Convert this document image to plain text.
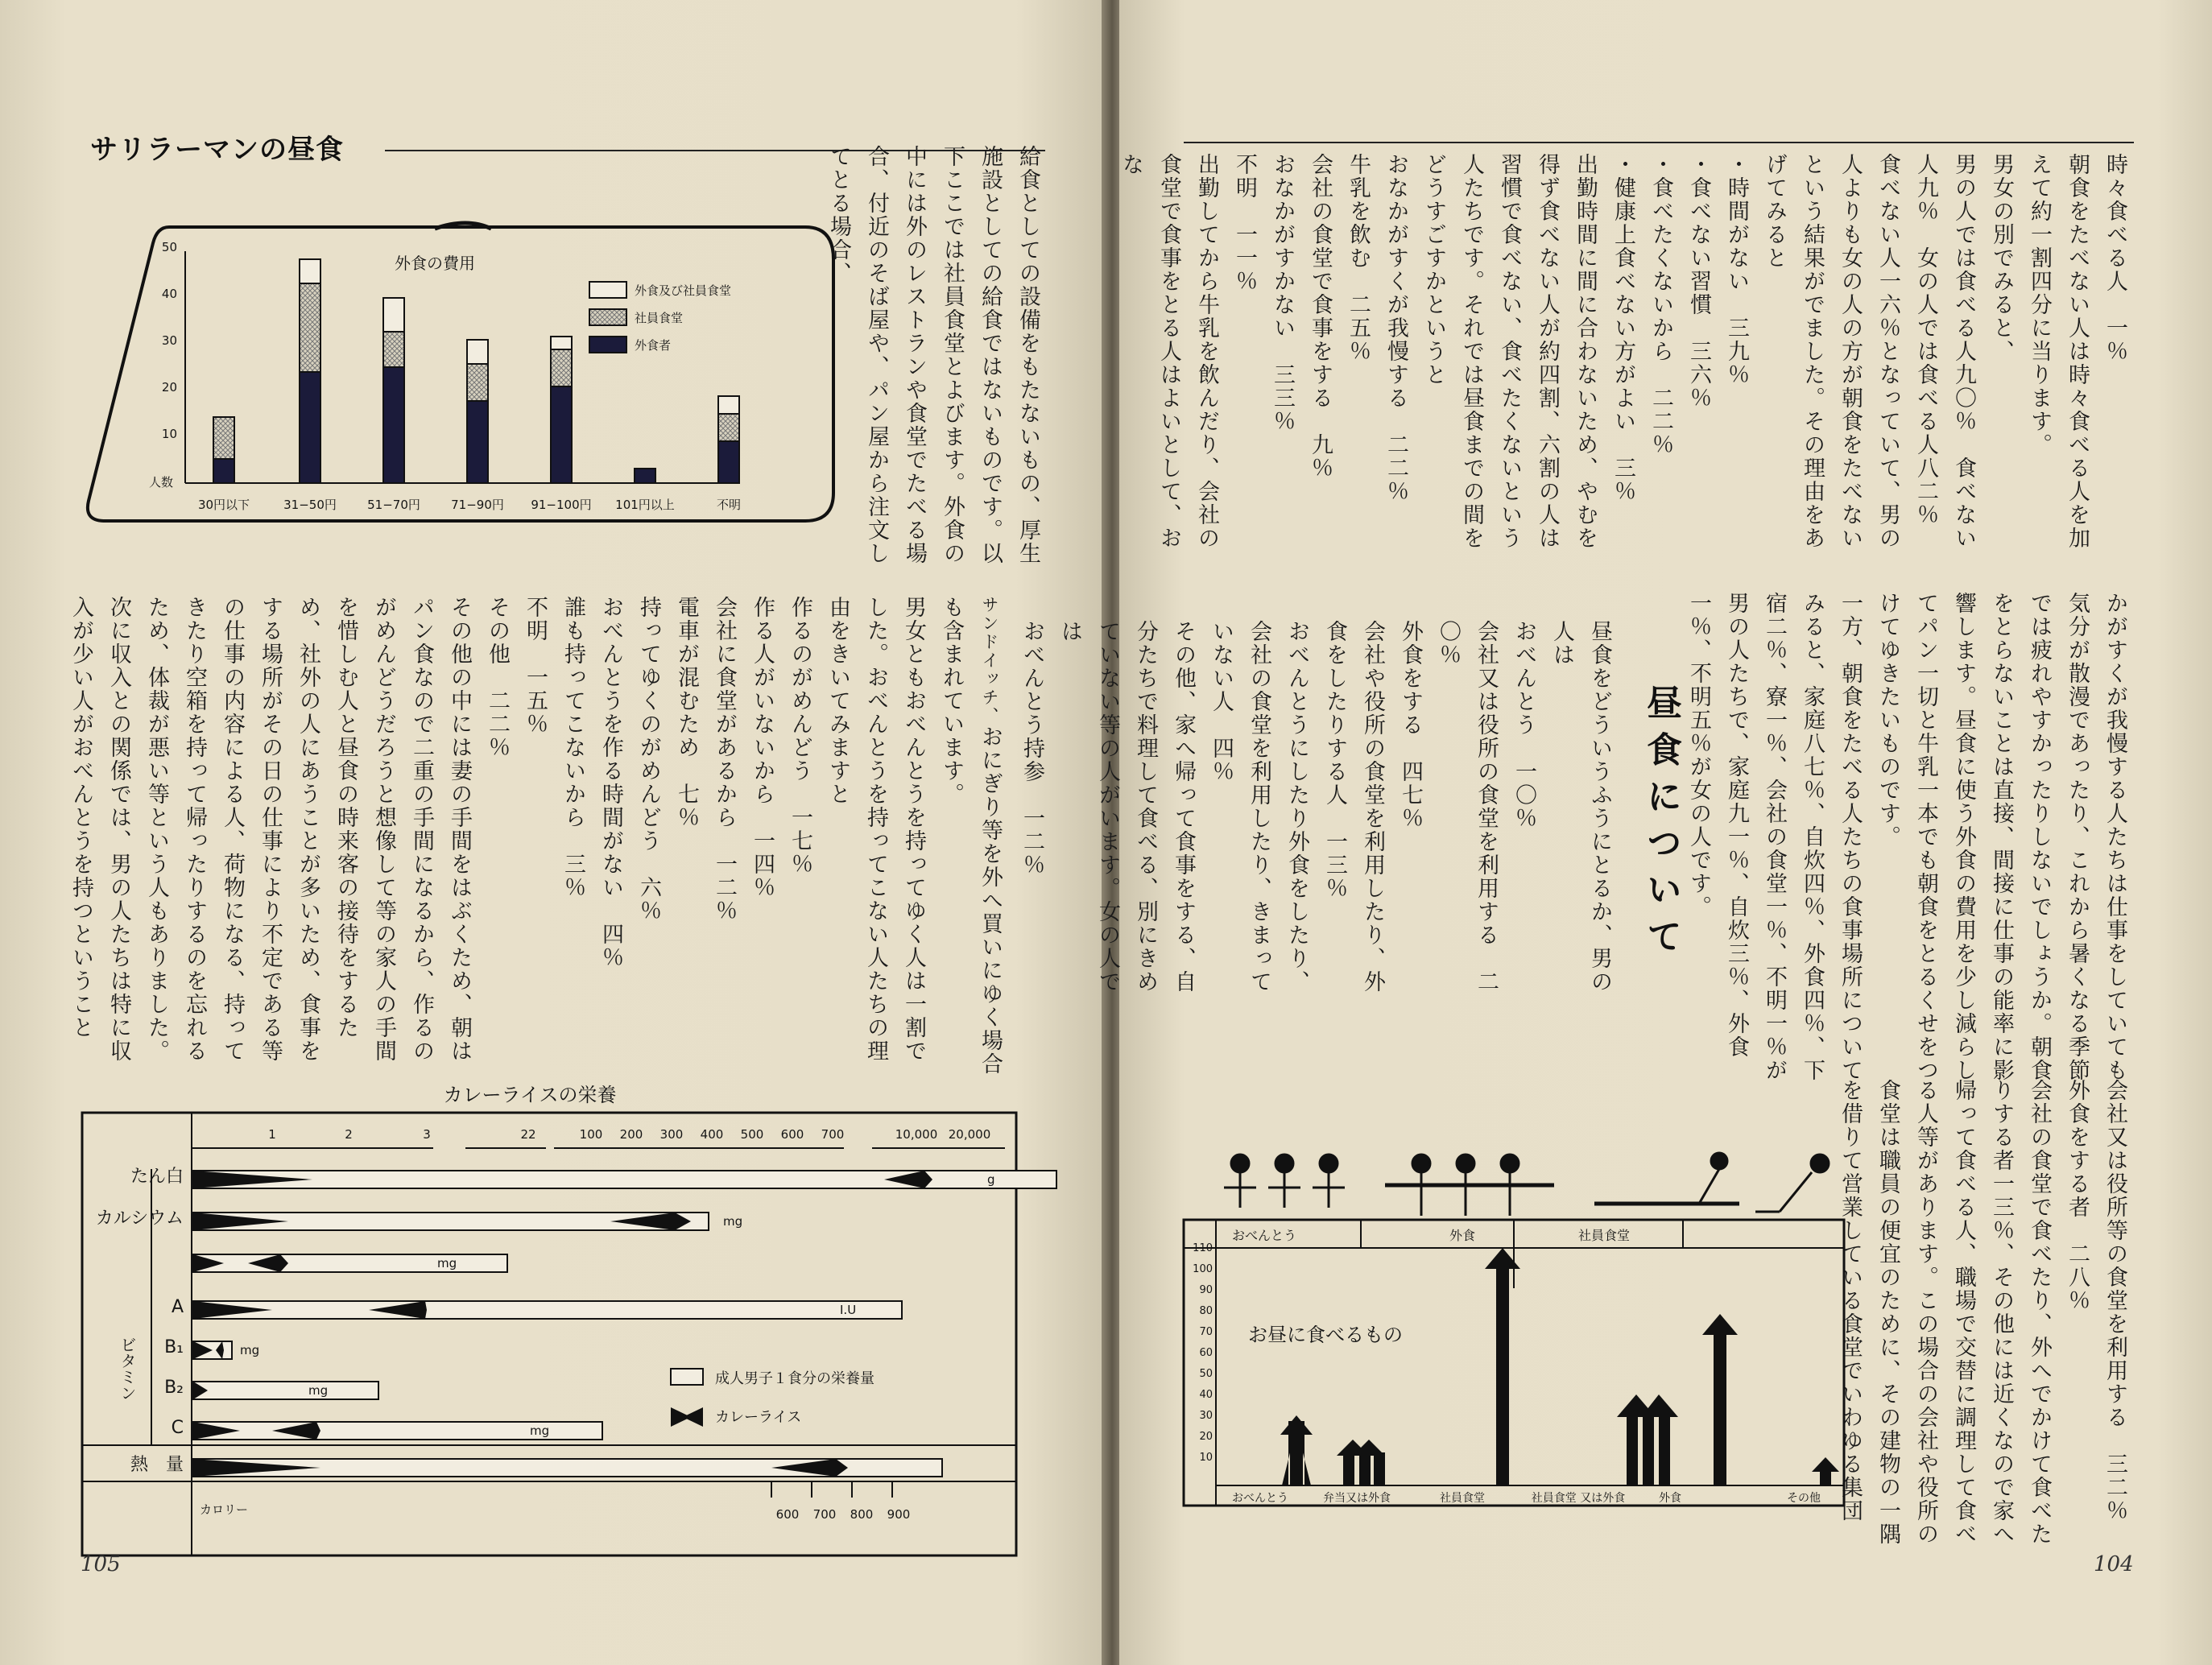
サリラーマンの昼食
外食の費用
50
40
30
20
10
人数
30円以下	31−50円	51−70円	71−90円 91−100円 101円以上	不明
外食及び社員食堂
社員食堂
外食者	給食としての設備をもたないもの、厚生施設としての給食ではないものです。以下ここでは社員食堂とよびます。外食の中には外のレストランや食堂でたべる場合、付近のそば屋や、パン屋から注文してとる場合、

サンドイッチ、おにぎり等を外へ買いにゆく場合も含まれています。
男女ともおべんとうを持ってゆく人は一割でした。おべんとうを持ってこない人たちの理由をきいてみますと
作るのがめんどう　一七％
作る人がいないから　一四％
会社に食堂があるから　一二％
電車が混むため　七％
持ってゆくのがめんどう　六％
おべんとうを作る時間がない　四％
誰も持ってこないから　三％
不明　一五％
その他　二二％
その他の中には妻の手間をはぶくため、朝はパン食なので二重の手間になるから、作るのがめんどうだろうと想像して等の家人の手間を惜しむ人と昼食の時来客の接待をするため、社外の人にあうことが多いため、食事をする場所がその日の仕事により不定である等の仕事の内容による人、荷物になる、持ってきたり空箱を持って帰ったりするのを忘れるため、体裁が悪い等という人もありました。
次に収入との関係では、男の人たちは特に収入が少い人がおべんとうを持つということ

カレーライスの栄養
1	2	3	22	100 200 300 400 500 600 700	10,000 20,000
たん白
カルシウム
A
B₁
B₂
C
熱　量
ビタミン
g
mg
mg
I.U
mg
mg
mg
成人男子１食分の栄養量
カレーライス
カロリー	600 700 800 900
105
時々食べる人　一％
朝食をたべない人は時々食べる人を加えて約一割四分に当ります。
男女の別でみると、
男の人では食べる人九〇％　食べない人九％　女の人では食べる人八二％　食べない人一六％となっていて、男の人よりも女の人の方が朝食をたべないという結果がでました。その理由をあげてみると
・時間がない　三九％
・食べない習慣　三六％
・食べたくないから　二二％
・健康上食べない方がよい　三％
出勤時間に間に合わないため、やむを得ず食べない人が約四割、六割の人は習慣で食べない、食べたくないという人たちです。それでは昼食までの間をどうすごすかというと
おなかがすくが我慢する　二二％
牛乳を飲む　二五％
会社の食堂で食事をする　九％
おなかがすかない　三三％
不明　一一％
出勤してから牛乳を飲んだり、会社の食堂で食事をとる人はよいとして、おな
かがすくが我慢する人たちは仕事をしていても気分が散漫であったり、これから暑くなる季節では疲れやすかったりしないでしょうか。朝食をとらないことは直接、間接に仕事の能率に影響します。昼食に使う外食の費用を少し減らしてパン一切と牛乳一本でも朝食をとるくせをつけてゆきたいものです。
一方、朝食をたべる人たちの食事場所についてみると、家庭八七％、自炊四％、外食四％、下宿二％、寮一％、会社の食堂一％、不明一％が男の人たちで、家庭九一％、自炊三％、外食一％、不明五％が女の人です。
昼食について
昼食をどういうふうにとるか、男の人は
おべんとう　一〇％
会社又は役所の食堂を利用する　二〇％
外食をする　四七％
会社や役所の食堂を利用したり、外食をしたりする人　一三％
おべんとうにしたり外食をしたり、会社の食堂を利用したり、きまっていない人　四％
その他、家へ帰って食事をする、自分たちで料理して食べる、別にきめていない等の人がいます。女の人では
おべんとう持参　一二％
会社又は役所等の食堂を利用する　三二％
外食をする者　二八％
会社の食堂で食べたり、外へでかけて食べたりする者一三％、その他には近くなので家へ帰って食べる人、職場で交替に調理して食べる人等があります。この場合の会社や役所の食堂は職員の便宜のために、その建物の一隅を借りて営業している食堂でいわゆる集団
おべんとう	外食	社員食堂
110
100
90
80
70
60
50
40
30
20
10
お昼に食べるもの
おべんとう	弁当又は外食	社員食堂	社員食堂 又は外食	外食	その他
104
